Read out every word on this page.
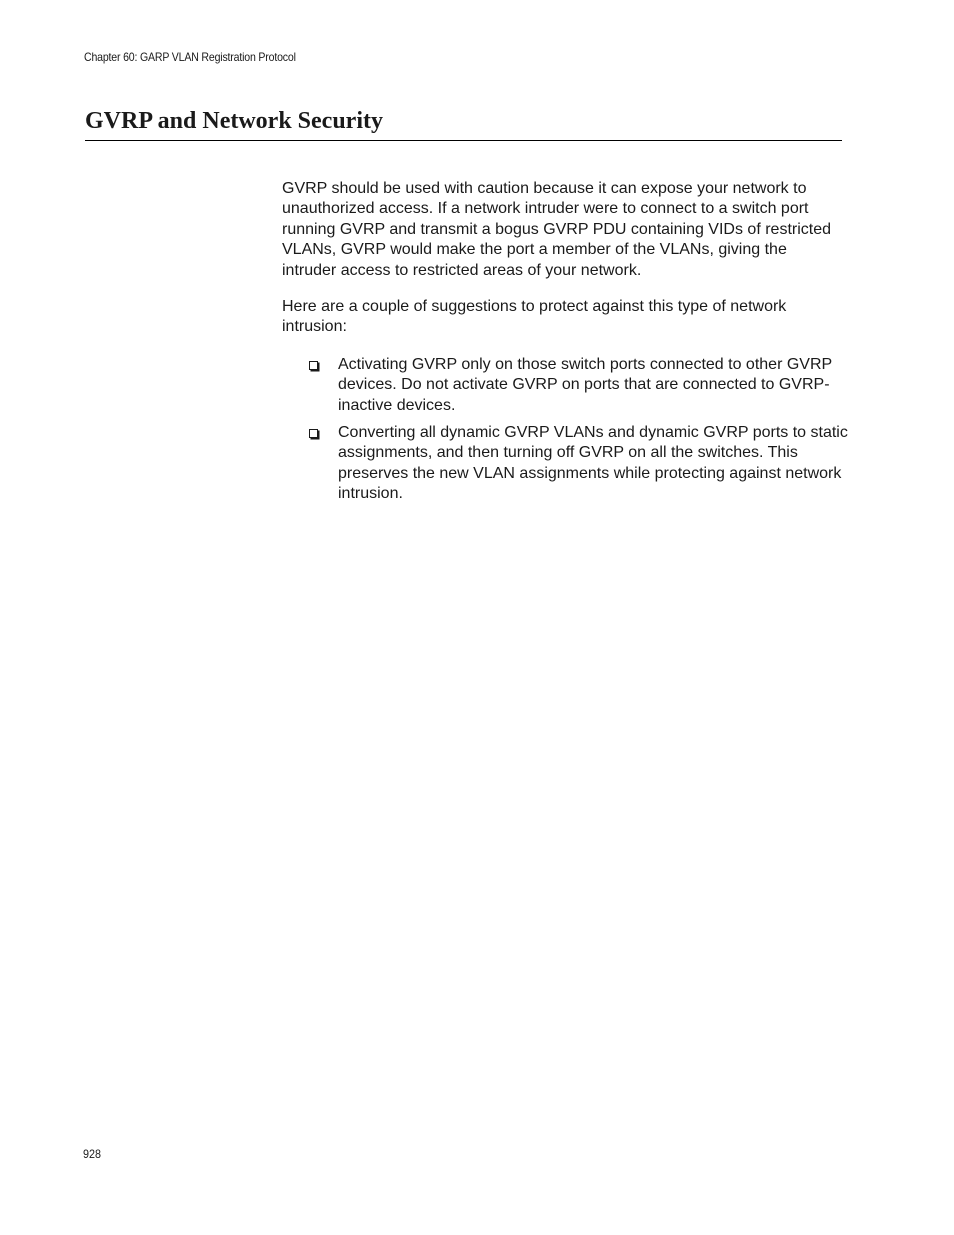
Chapter 60: GARP VLAN Registration Protocol
GVRP and Network Security

GVRP should be used with caution because it can expose your network to unauthorized access. If a network intruder were to connect to a switch port running GVRP and transmit a bogus GVRP PDU containing VIDs of restricted VLANs, GVRP would make the port a member of the VLANs, giving the intruder access to restricted areas of your network.

Here are a couple of suggestions to protect against this type of network intrusion:

Activating GVRP only on those switch ports connected to other GVRP devices. Do not activate GVRP on ports that are connected to GVRP-inactive devices.
Converting all dynamic GVRP VLANs and dynamic GVRP ports to static assignments, and then turning off GVRP on all the switches. This preserves the new VLAN assignments while protecting against network intrusion.
928
